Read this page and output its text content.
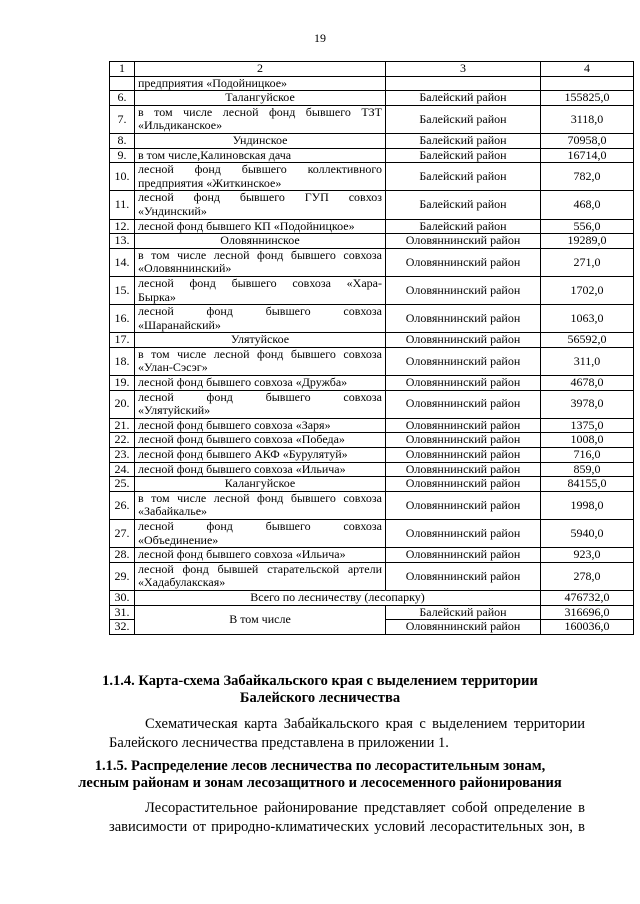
19
1	2	3	4

	предприятия «Подойницкое»		

6.	Талангуйское	Балейский район	155825,0
7.	в том числе лесной фонд бывшего ТЗТ
«Ильдиканское»	Балейский район	3118,0
8.	Ундинское	Балейский район	70958,0
9.	в том числе,Калиновская дача	Балейский район	16714,0
10.	лесной фонд бывшего коллективного
предприятия «Житкинское»	Балейский район	782,0
11.	лесной фонд бывшего ГУП совхоз
«Ундинский»	Балейский район	468,0
12.	лесной фонд бывшего КП «Подойницкое»	Балейский район	556,0
13.	Оловяннинское	Оловяннинский район	19289,0
14.	в том числе лесной фонд бывшего совхоза
«Оловяннинский»	Оловяннинский район	271,0
15.	лесной фонд бывшего совхоза «Хара-
Бырка»	Оловяннинский район	1702,0
16.	лесной фонд бывшего совхоза
«Шаранайский»	Оловяннинский район	1063,0
17.	Улятуйское	Оловяннинский район	56592,0
18.	в том числе лесной фонд бывшего совхоза
«Улан-Сэсэг»	Оловяннинский район	311,0
19.	лесной фонд бывшего совхоза «Дружба»	Оловяннинский район	4678,0
20.	лесной фонд бывшего совхоза
«Улятуйский»	Оловяннинский район	3978,0
21.	лесной фонд бывшего совхоза «Заря»	Оловяннинский район	1375,0
22.	лесной фонд бывшего совхоза «Победа»	Оловяннинский район	1008,0
23.	лесной фонд бывшего АКФ «Бурулятуй»	Оловяннинский район	716,0
24.	лесной фонд бывшего совхоза «Ильича»	Оловяннинский район	859,0
25.	Калангуйское	Оловяннинский район	84155,0
26.	в том числе лесной фонд бывшего совхоза
«Забайкалье»	Оловяннинский район	1998,0
27.	лесной фонд бывшего совхоза
«Объединение»	Оловяннинский район	5940,0
28.	лесной фонд бывшего совхоза «Ильича»	Оловяннинский район	923,0
29.	лесной фонд бывшей старательской артели
«Хадабулакская»	Оловяннинский район	278,0
30.	Всего по лесничеству (лесопарку)		476732,0
31.	В том числе	Балейский район	316696,0
32.		Оловяннинский район	160036,0
1.1.4. Карта-схема Забайкальского края с выделением территории
Балейского лесничества

Схематическая карта Забайкальского края с выделением территории
Балейского лесничества представлена в приложении 1.

1.1.5. Распределение лесов лесничества по лесорастительным зонам,
лесным районам и зонам лесозащитного и лесосеменного районирования

Лесорастительное районирование представляет собой определение в
зависимости от природно-климатических условий лесорастительных зон, в
